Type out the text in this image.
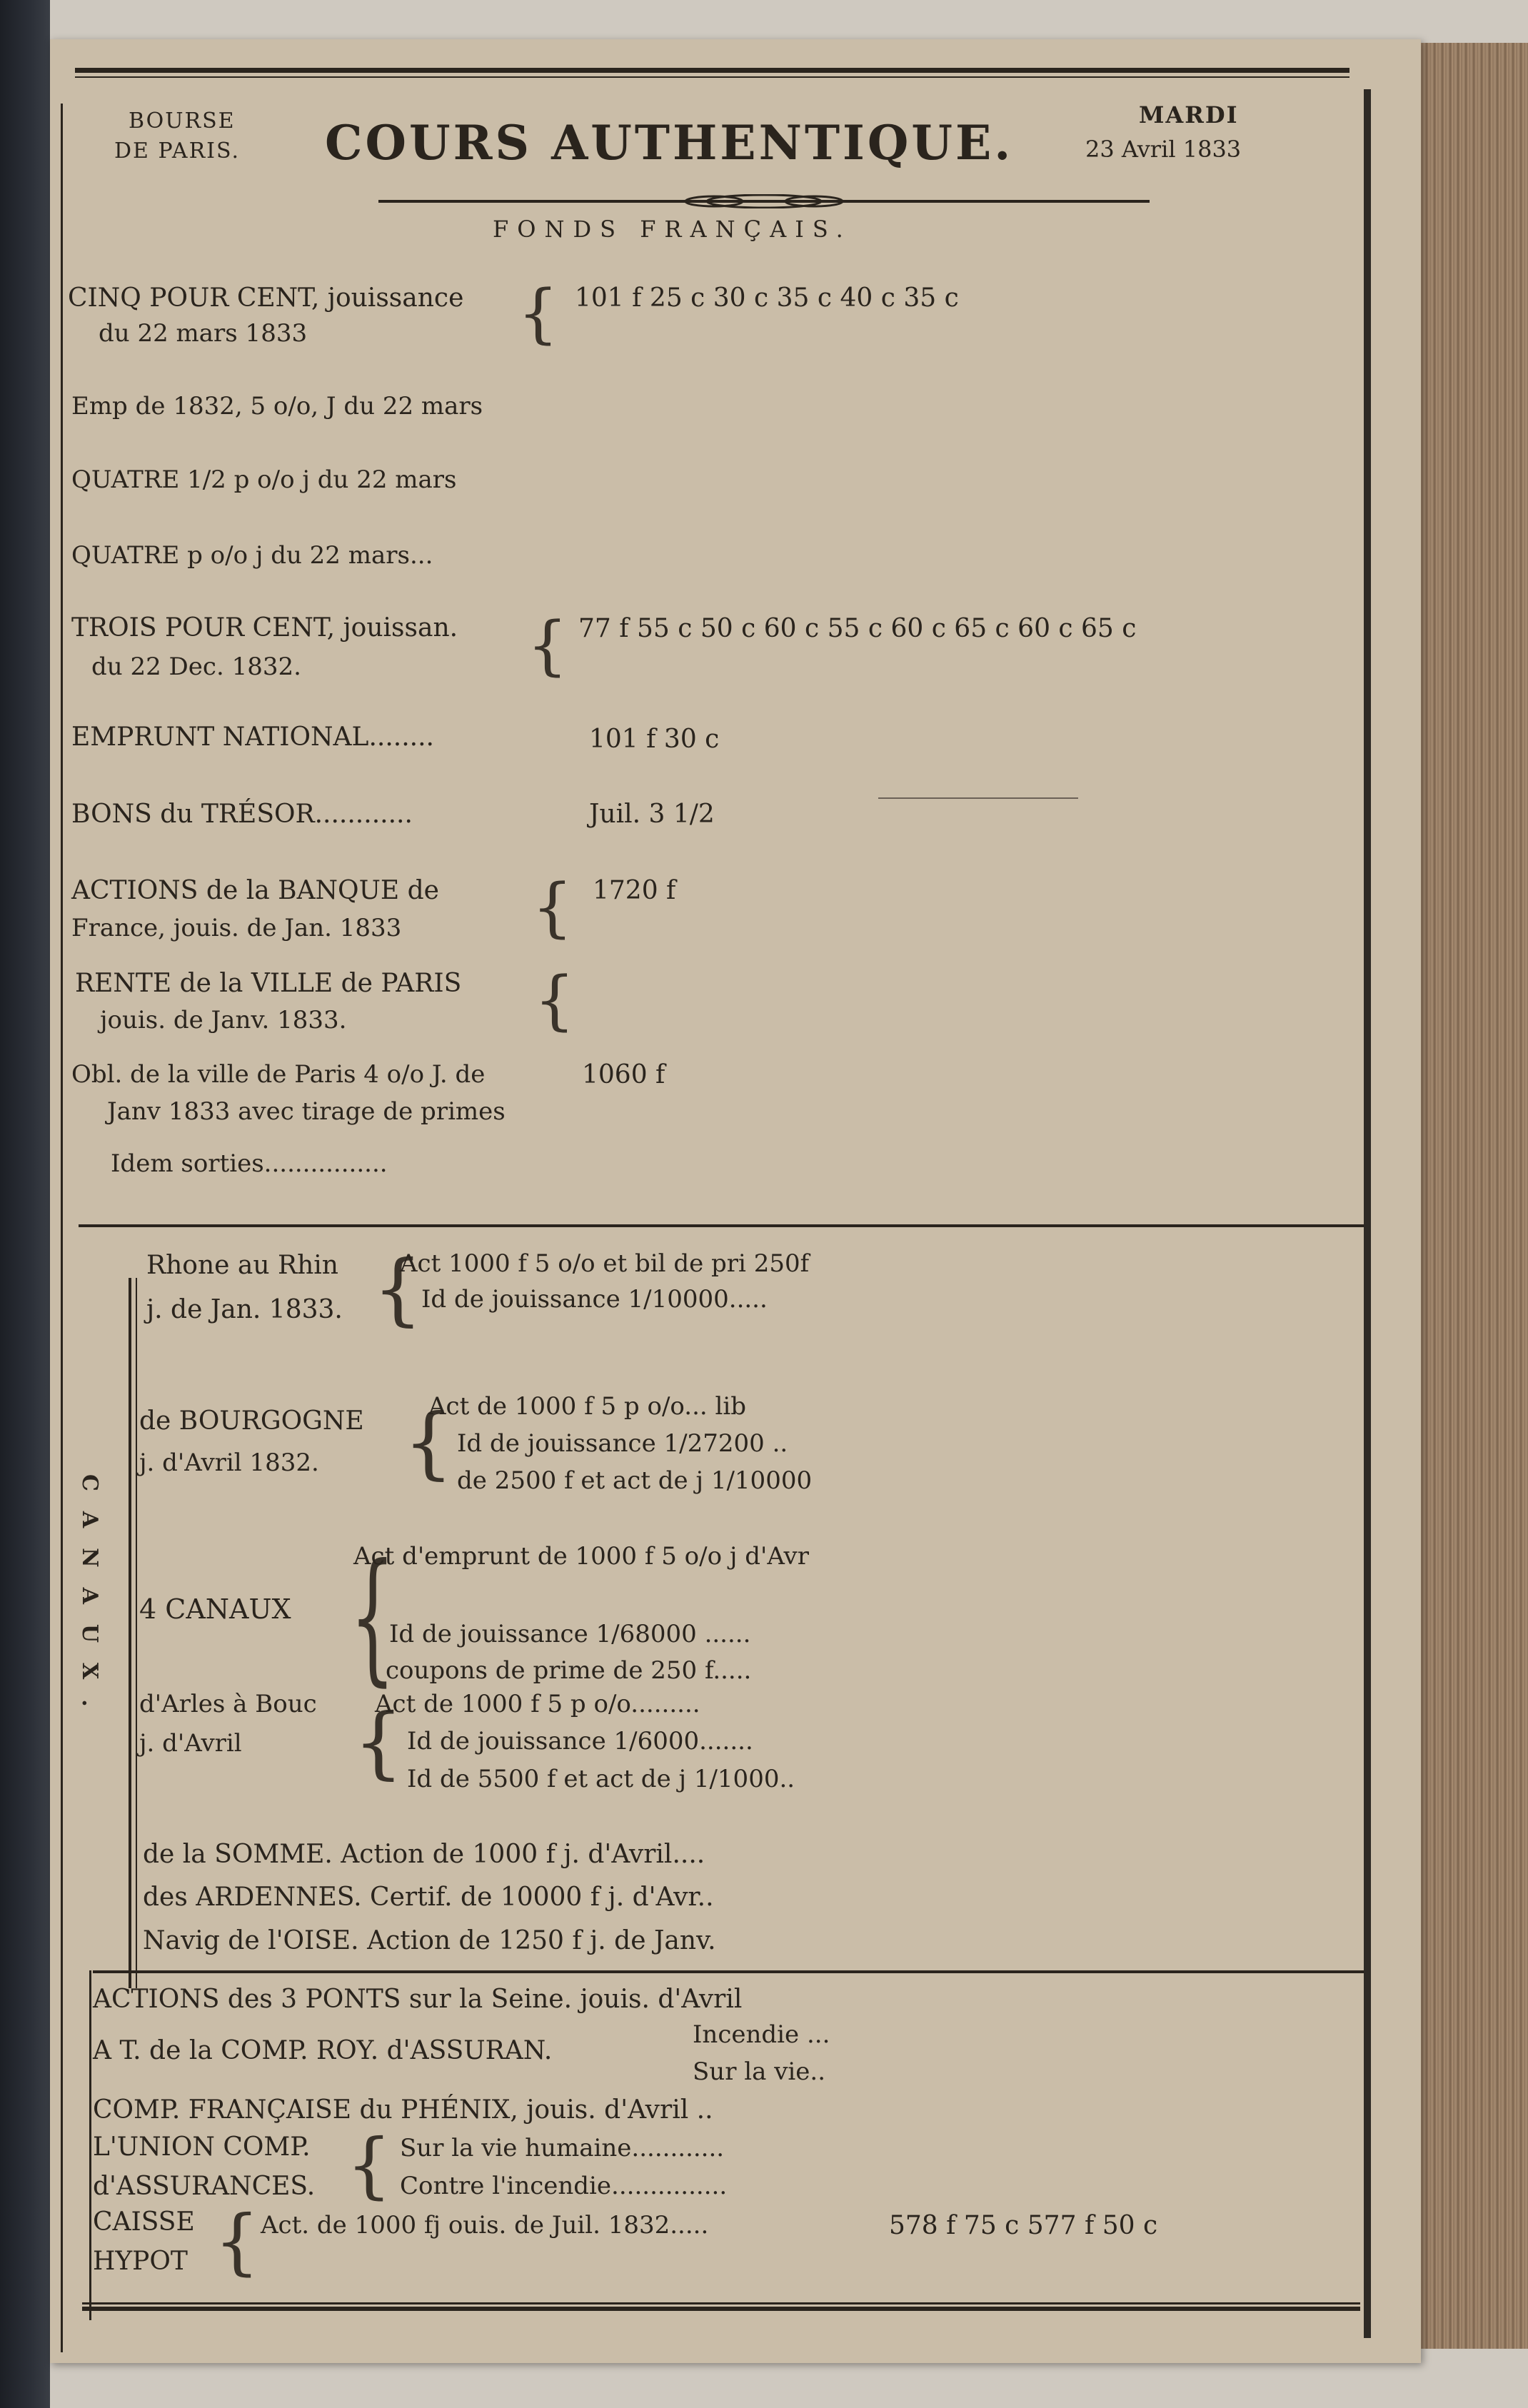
BOURSE
DE PARIS. COURS AUTHENTIQUE.	MARDI
23 Avril 1833
FONDS FRANÇAIS.
CINQ POUR CENT, jouissance
du 22 mars 1833	{ 101 f 25 c 30 c 35 c 40 c 35 c
Emp de 1832, 5 o/o, J du 22 mars
QUATRE 1/2 p o/o j du 22 mars
QUATRE p o/o j du 22 mars...
TROIS POUR CENT, jouissan.
du 22 Dec. 1832.	{ 77 f 55 c 50 c 60 c 55 c 60 c 65 c 60 c 65 c
EMPRUNT NATIONAL........	101 f 30 c
BONS du TRÉSOR............	Juil. 3 1/2
ACTIONS de la BANQUE de
France, jouis. de Jan. 1833 { 1720 f
RENTE de la VILLE de PARIS
jouis. de Janv. 1833.	{
Obl. de la ville de Paris 4 o/o J. de
Janv 1833 avec tirage de primes
1060 f
Idem sorties................
CANAUX.
Rhone au Rhin
j. de Jan. 1833. {
Act 1000 f 5 o/o et bil de pri 250f
Id de jouissance 1/10000.....
de BOURGOGNE
j. d'Avril 1832. {
Act de 1000 f 5 p o/o... lib
Id de jouissance 1/27200 ..
de 2500 f et act de j 1/10000
4 CANAUX {
Act d'emprunt de 1000 f 5 o/o j d'Avr
Id de jouissance 1/68000 ......
coupons de prime de 250 f.....
d'Arles à Bouc
j. d'Avril {
Act de 1000 f 5 p o/o.........
Id de jouissance 1/6000.......
Id de 5500 f et act de j 1/1000..
de la SOMME. Action de 1000 f j. d'Avril....
des ARDENNES. Certif. de 10000 f j. d'Avr..
Navig de l'OISE. Action de 1250 f j. de Janv.
ACTIONS des 3 PONTS sur la Seine. jouis. d'Avril
A T. de la COMP. ROY. d'ASSURAN.
Incendie ...
Sur la vie..
COMP. FRANÇAISE du PHÉNIX, jouis. d'Avril ..
L'UNION COMP.
d'ASSURANCES. { Sur la vie humaine............
Contre l'incendie...............
CAISSE
HYPOT { Act. de 1000 fj ouis. de Juil. 1832.....	578 f 75 c 577 f 50 c
